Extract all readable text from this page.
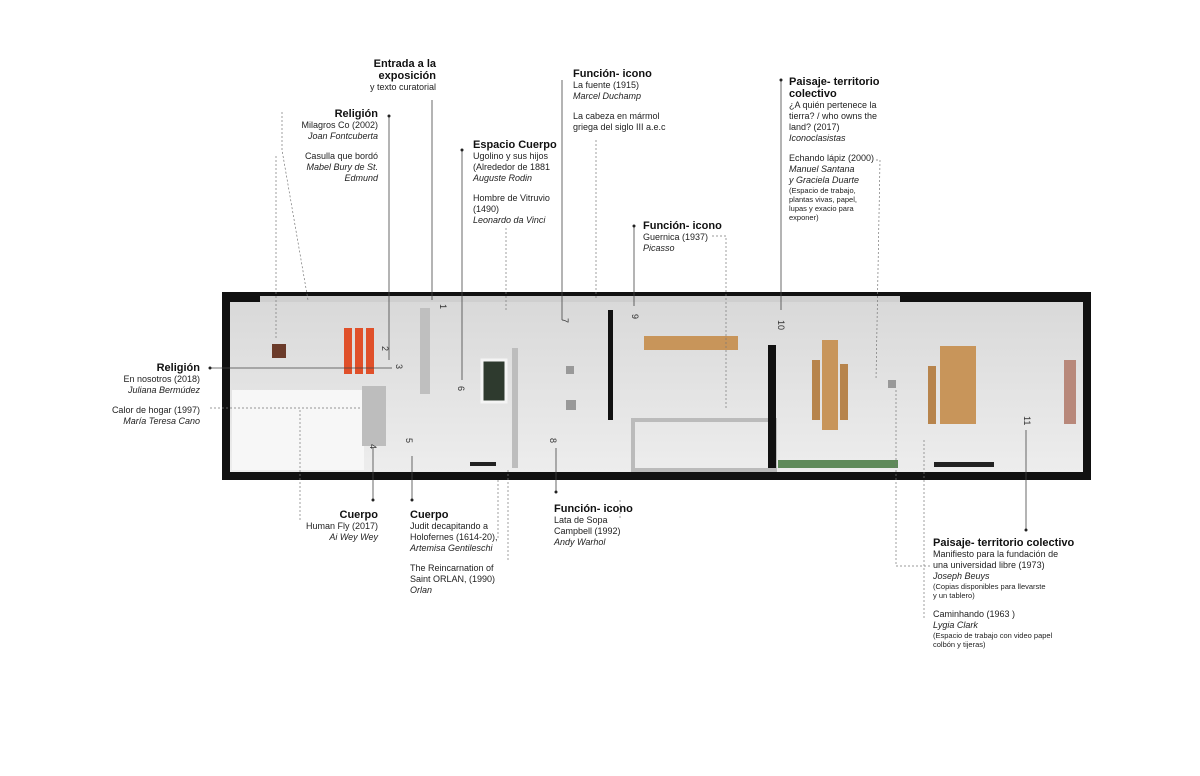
1
2
3
4
5
6
7
8
9
10
11
Entrada a la exposición
y texto curatorial
Religión
Milagros Co (2002)
Joan Fontcuberta
Casulla que bordó
Mabel Bury de St.
Edmund
Espacio Cuerpo
Ugolino y sus hijos
(Alrededor de 1881
Auguste Rodin
Hombre de Vitruvio
(1490)
Leonardo da Vinci
Función- icono
La fuente (1915)
Marcel Duchamp
La cabeza en mármol
griega del siglo III a.e.c
Función- icono
Guernica (1937)
Picasso
Paisaje- territorio
colectivo
¿A quién pertenece la
tierra? / who owns the
land? (2017)
Iconoclasistas
Echando lápiz (2000)
Manuel Santana
y Graciela Duarte
(Espacio de trabajo,
plantas vivas, papel,
lupas y exacio para
exponer)
Religión
En nosotros (2018)
Juliana Bermúdez
Calor de hogar (1997)
María Teresa Cano
Cuerpo
Human Fly (2017)
Ai Wey Wey
Cuerpo
Judit decapitando a
Holofernes (1614-20),
Artemisa Gentileschi
The Reincarnation of
Saint ORLAN, (1990)
Orlan
Función- icono
Lata de Sopa
Campbell (1992)
Andy Warhol	Paisaje- territorio colectivo
Manifiesto para la fundación de
una universidad libre (1973)
Joseph Beuys
(Copias disponibles para llevarste
y un tablero)
Caminhando (1963 )
Lygia Clark
(Espacio de trabajo con video papel
colbón y tijeras)
